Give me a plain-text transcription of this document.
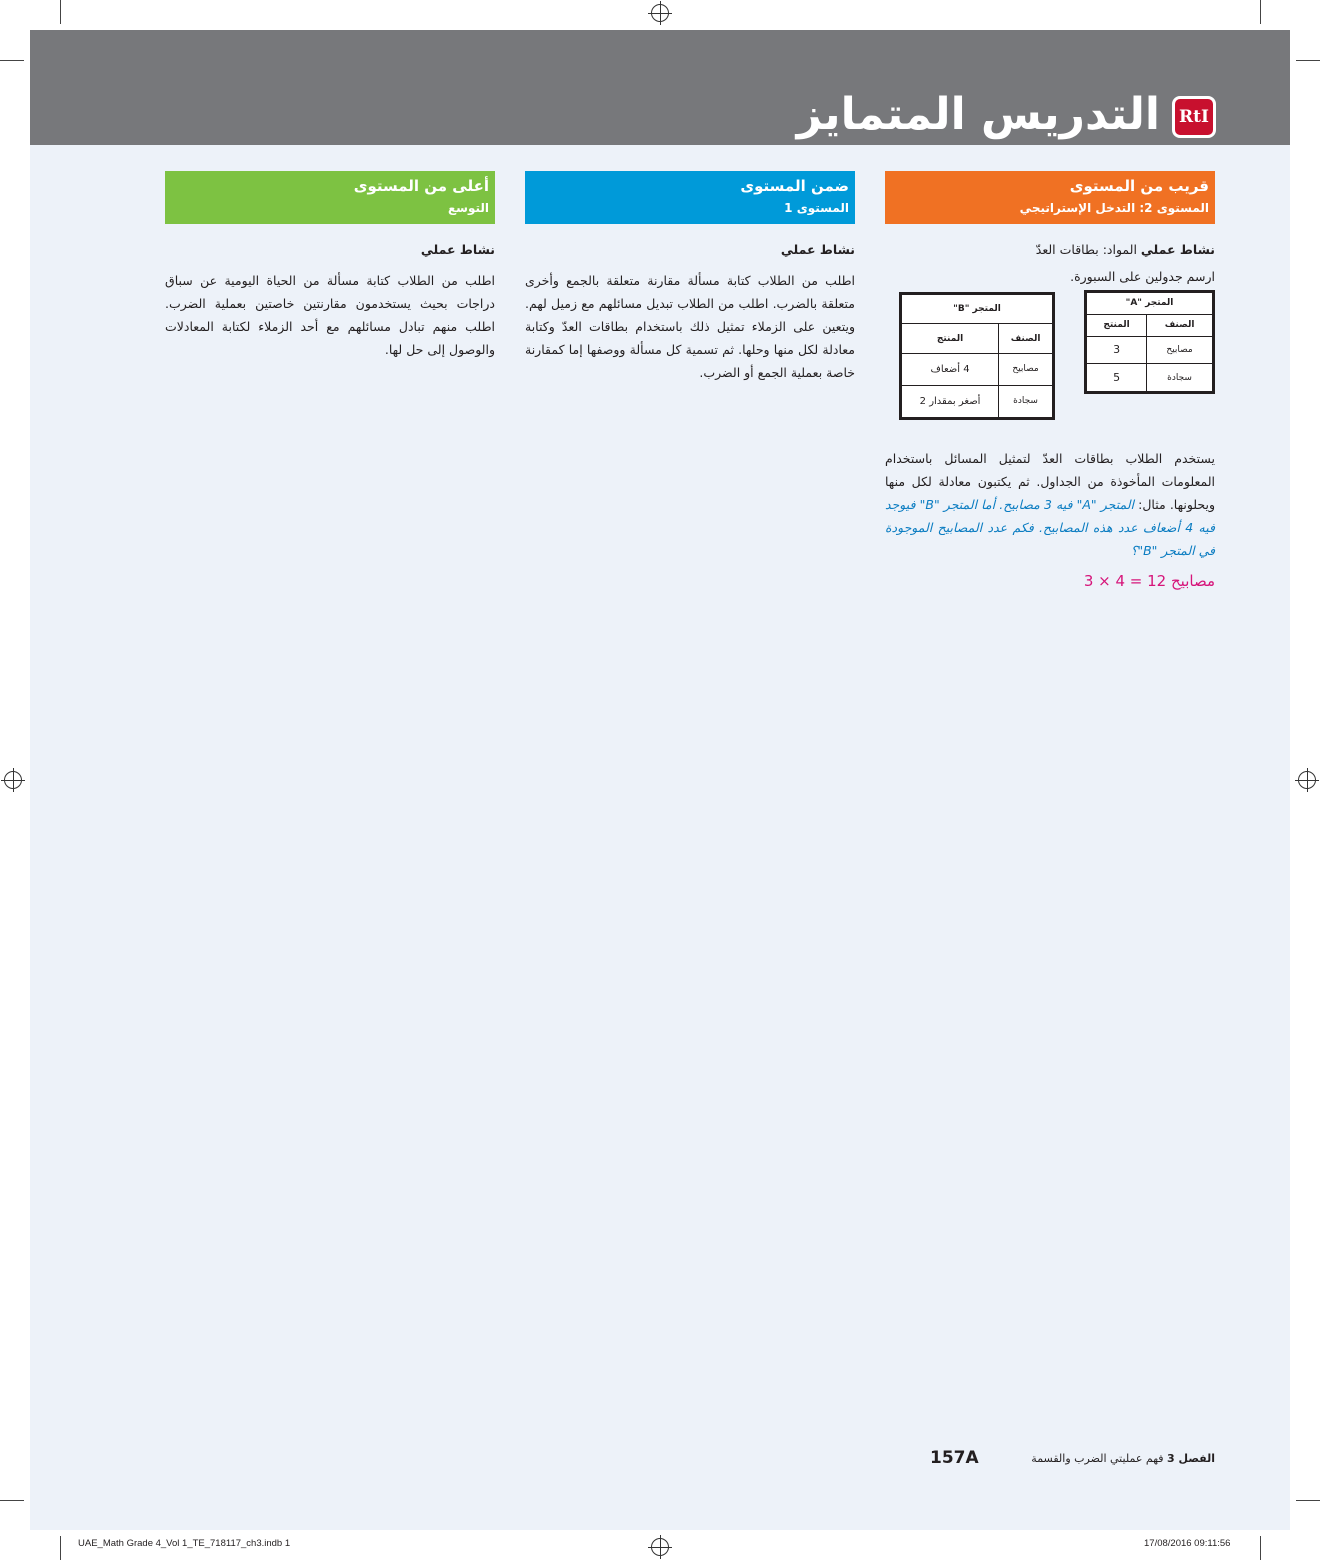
التدريس المتمايز	RtI
قريب من المستوى
المستوى 2: التدخل الإستراتيجي
ضمن المستوى
المستوى 1
أعلى من المستوى
التوسع
نشاط عملي المواد: بطاقات العدّ

ارسم جدولين على السبورة.

المتجر "A"	
الصنف	المنتج
مصابيح	3
سجادة	5
المتجر "B"	
الصنف	المنتج
مصابيح	4 أضعاف
سجادة	أصغر بمقدار 2

يستخدم الطلاب بطاقات العدّ لتمثيل المسائل باستخدام المعلومات المأخوذة من الجداول. ثم يكتبون معادلة لكل منها ويحلونها. مثال: المتجر "A" فيه 3 مصابيح. أما المتجر "B" فيوجد فيه 4 أضعاف عدد هذه المصابيح. فكم عدد المصابيح الموجودة في المتجر "B"؟

مصابيح 12 = 4 × 3

نشاط عملي

اطلب من الطلاب كتابة مسألة مقارنة متعلقة بالجمع وأخرى متعلقة بالضرب. اطلب من الطلاب تبديل مسائلهم مع زميل لهم. ويتعين على الزملاء تمثيل ذلك باستخدام بطاقات العدّ وكتابة معادلة لكل منها وحلها. ثم تسمية كل مسألة ووصفها إما كمقارنة خاصة بعملية الجمع أو الضرب.

نشاط عملي

اطلب من الطلاب كتابة مسألة من الحياة اليومية عن سباق دراجات بحيث يستخدمون مقارنتين خاصتين بعملية الضرب. اطلب منهم تبادل مسائلهم مع أحد الزملاء لكتابة المعادلات والوصول إلى حل لها.

الفصل 3 فهم عمليتي الضرب والقسمة
157A
UAE_Math Grade 4_Vol 1_TE_718117_ch3.indb 1	17/08/2016 09:11:56
